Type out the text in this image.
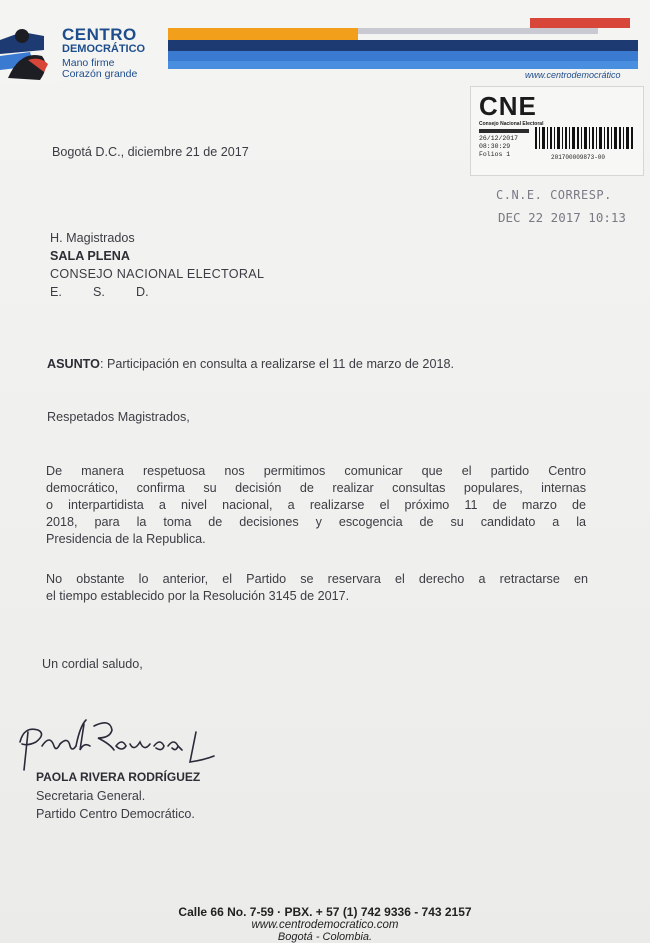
CENTRO
DEMOCRÁTICO
Mano firme
Corazón grande	www.centrodemocrático
CNE
Consejo Nacional Electoral
26/12/2017
08:30:29
Folios 1	201700009873-00
C.N.E. CORRESP.
DEC 22 2017 10:13
Bogotá D.C., diciembre 21 de 2017
H. Magistrados
SALA PLENA
CONSEJO NACIONAL ELECTORAL
E. S. D.
ASUNTO: Participación en consulta a realizarse el 11 de marzo de 2018.
Respetados Magistrados,
De manera respetuosa nos permitimos comunicar que el partido Centro
democrático, confirma su decisión de realizar consultas populares, internas
o interpartidista a nivel nacional, a realizarse el próximo 11 de marzo de
2018, para la toma de decisiones y escogencia de su candidato a la
Presidencia de la Republica.
No obstante lo anterior, el Partido se reservara el derecho a retractarse en
el tiempo establecido por la Resolución 3145 de 2017.
Un cordial saludo,
PAOLA RIVERA RODRÍGUEZ
Secretaria General.
Partido Centro Democrático.
Calle 66 No. 7-59 · PBX. + 57 (1) 742 9336 - 743 2157
www.centrodemocratico.com
Bogotá - Colombia.
